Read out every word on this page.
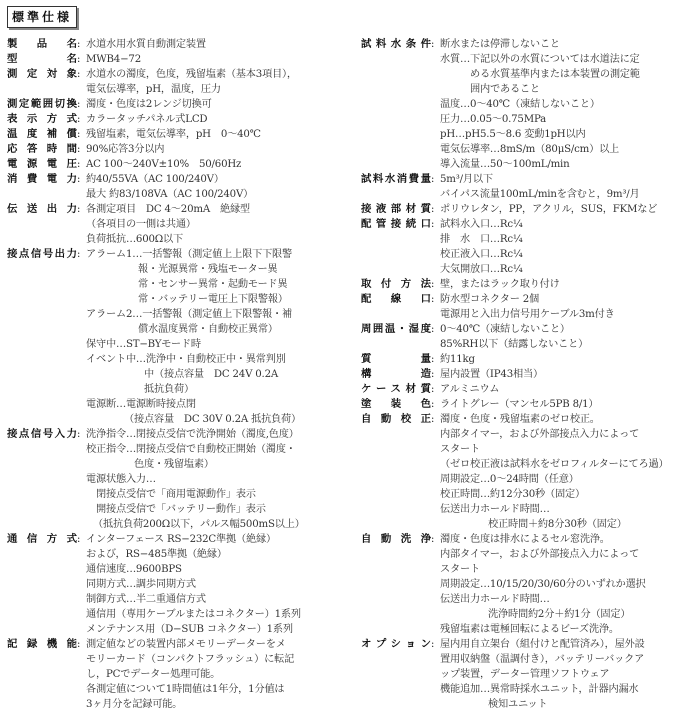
標準仕様
製品名 : 水道水用水質自動測定装置
型名 : MWB4−72
測定対象 : 水道水の濁度，色度，残留塩素（基本3項目），
電気伝導率，pH，温度，圧力
測定範囲切換 : 濁度・色度は2レンジ切換可
表示方式 : カラータッチパネル式LCD
温度補償 : 残留塩素，電気伝導率，pH　0〜40℃
応答時間 : 90%応答3分以内
電源電圧 : AC 100〜240V±10%　50/60Hz
消費電力 : 約40/55VA（AC 100/240V）
最大 約83/108VA（AC 100/240V）
伝送出力 : 各測定項目　DC 4〜20mA　絶縁型
（各項目の一側は共通）
負荷抵抗…600Ω以下
接点信号出力 : アラーム1…一括警報（測定値上上限下下限警
報・光源異常・残塩モーター異
常・センサー異常・起動モード異
常・バッテリー電圧上下限警報）
アラーム2…一括警報（測定値上下限警報・補
償水温度異常・自動校正異常）
保守中…ST−BYモード時
イベント中…洗浄中・自動校正中・異常判別
中（接点容量　DC 24V 0.2A
抵抗負荷）
電源断…電源断時接点閉
（接点容量　DC 30V 0.2A 抵抗負荷）
接点信号入力 : 洗浄指令…閉接点受信で洗浄開始（濁度,色度）
校正指令…閉接点受信で自動校正開始（濁度・
色度・残留塩素）
電源状態入力…
閉接点受信で「商用電源動作」表示
開接点受信で「バッテリー動作」表示
（抵抗負荷200Ω以下，パルス幅500mS以上）
通信方式 : インターフェース RS−232C準拠（絶縁）
および，RS−485準拠（絶縁）
通信速度…9600BPS
同期方式…調歩同期方式
制御方式…半二重通信方式
通信用（専用ケーブルまたはコネクター）1系列
メンテナンス用（D−SUB コネクター）1系列
記録機能 : 測定値などの装置内部メモリーデーターをメ
モリーカード（コンパクトフラッシュ）に転記
し，PCでデーター処理可能。
各測定値について1時間値は1年分，1分値は
3ヶ月分を記録可能。
試料水条件 : 断水または停滞しないこと
水質…下記以外の水質については水道法に定
める水質基準内または本装置の測定範
囲内であること
温度…0〜40℃（凍結しないこと）
圧力…0.05〜0.75MPa
pH…pH5.5〜8.6 変動1pH以内
電気伝導率…8mS/m（80μS/cm）以上
導入流量…50〜100mL/min
試料水消費量 : 5m³/月以下
バイパス流量100mL/minを含むと，9m³/月
接液部材質 : ポリウレタン，PP，アクリル，SUS，FKMなど
配管接続口 : 試料水入口…Rc¼
排　水　口…Rc¼
校正液入口…Rc¼
大気開放口…Rc¼
取付方法 : 壁，またはラック取り付け
配線口 : 防水型コネクター 2個
電源用と入出力信号用ケーブル3m付き
周囲温・湿度 : 0〜40℃（凍結しないこと）
85%RH以下（結露しないこと）
質量 : 約11kg
構造 : 屋内設置（IP43相当）
ケース材質 : アルミニウム
塗装色 : ライトグレー（マンセル5PB 8/1）
自動校正 : 濁度・色度・残留塩素のゼロ校正。
内部タイマー，および外部接点入力によって
スタート
（ゼロ校正液は試料水をゼロフィルターにてろ過）
周期設定…0〜24時間（任意）
校正時間…約12分30秒（固定）
伝送出力ホールド時間…
校正時間＋約8分30秒（固定）
自動洗浄 : 濁度・色度は排水によるセル窓洗浄。
内部タイマー，および外部接点入力によって
スタート
周期設定…10/15/20/30/60分のいずれか選択
伝送出力ホールド時間…
洗浄時間約2分＋約1分（固定）
残留塩素は電極回転によるビーズ洗浄。
オプション : 屋内用自立架台（組付けと配管済み），屋外設
置用収納盤（温調付き），バッテリーバックア
ップ装置，データー管理ソフトウェア
機能追加…異常時採水ユニット，計器内漏水
検知ユニット
